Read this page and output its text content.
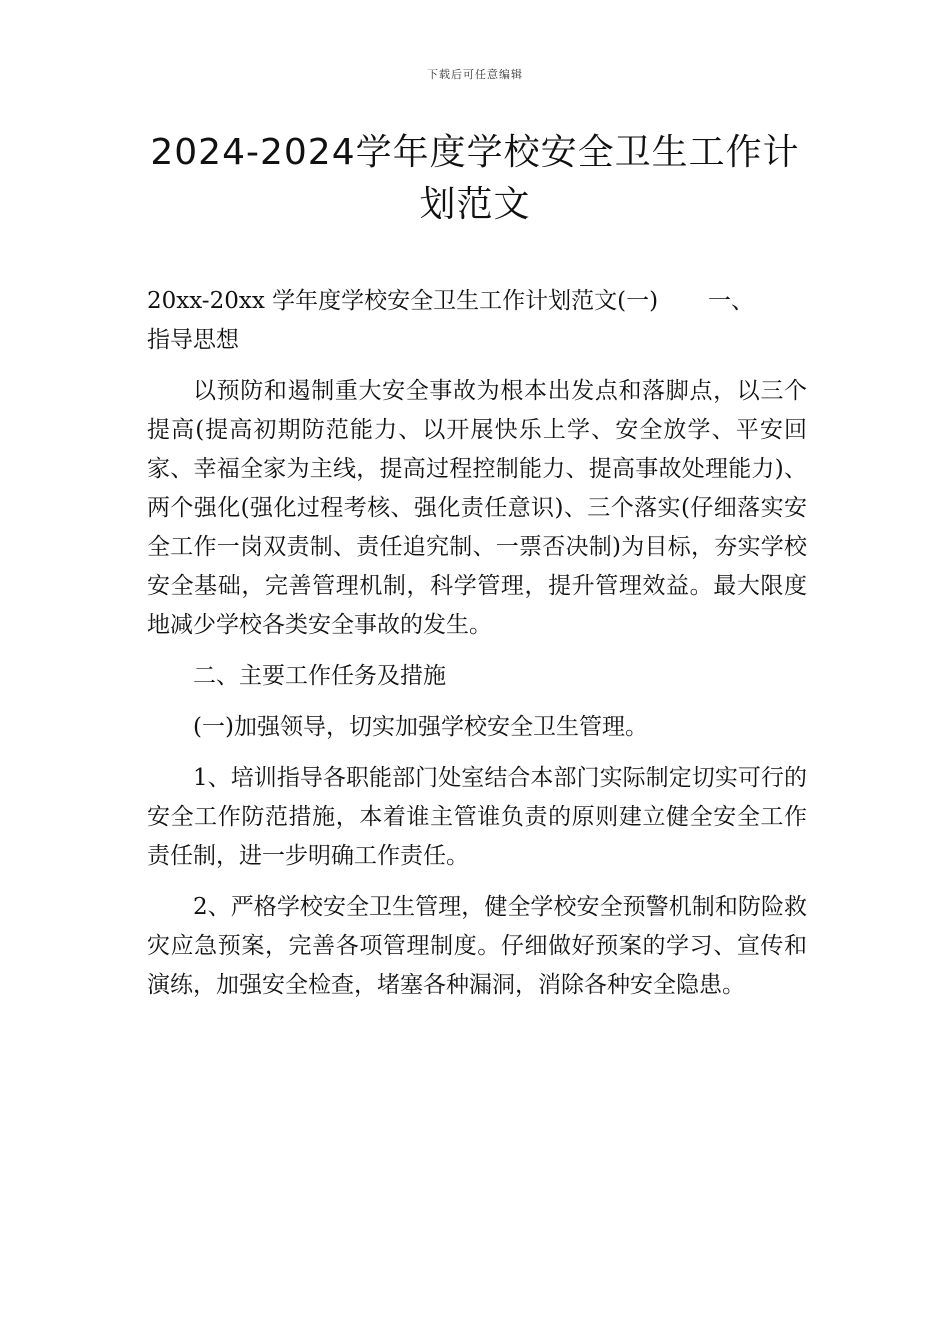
下载后可任意编辑
2024-2024学年度学校安全卫生工作计划范文

20xx-20xx 学年度学校安全卫生工作计划范文(一) 一、

指导思想

以预防和遏制重大安全事故为根本出发点和落脚点，以三个提高(提高初期防范能力、以开展快乐上学、安全放学、平安回家、幸福全家为主线，提高过程控制能力、提高事故处理能力)、两个强化(强化过程考核、强化责任意识)、三个落实(仔细落实安全工作一岗双责制、责任追究制、一票否决制)为目标，夯实学校安全基础，完善管理机制，科学管理，提升管理效益。最大限度地减少学校各类安全事故的发生。

二、主要工作任务及措施

(一)加强领导，切实加强学校安全卫生管理。

1、培训指导各职能部门处室结合本部门实际制定切实可行的安全工作防范措施，本着谁主管谁负责的原则建立健全安全工作责任制，进一步明确工作责任。

2、严格学校安全卫生管理，健全学校安全预警机制和防险救灾应急预案，完善各项管理制度。仔细做好预案的学习、宣传和演练，加强安全检查，堵塞各种漏洞，消除各种安全隐患。
